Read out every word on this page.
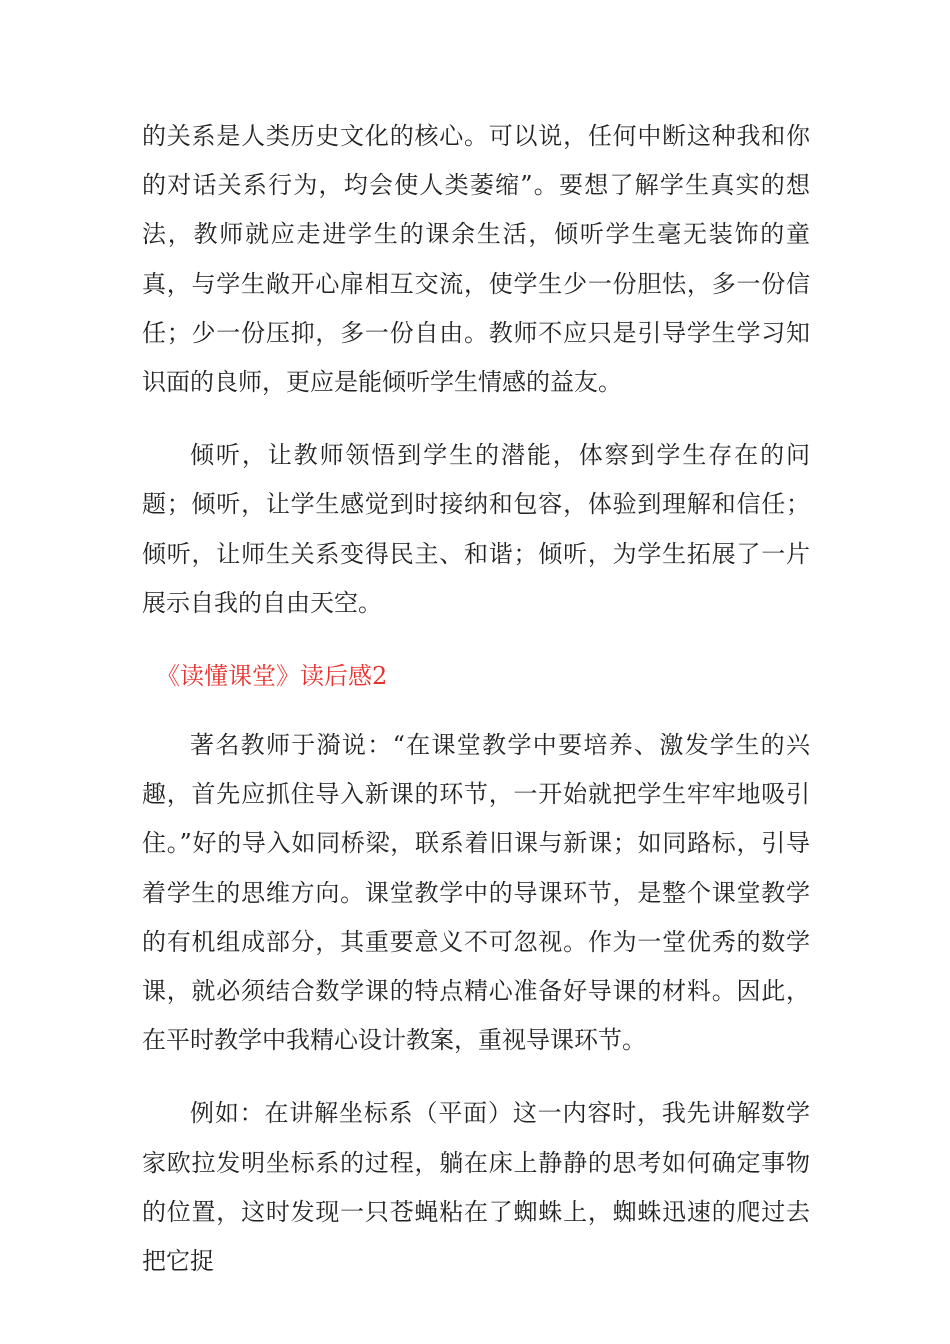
的关系是人类历史文化的核心。可以说，任何中断这种我和你的对话关系行为，均会使人类萎缩”。要想了解学生真实的想法，教师就应走进学生的课余生活，倾听学生毫无装饰的童真，与学生敞开心扉相互交流，使学生少一份胆怯，多一份信任；少一份压抑，多一份自由。教师不应只是引导学生学习知识面的良师，更应是能倾听学生情感的益友。

倾听，让教师领悟到学生的潜能，体察到学生存在的问题；倾听，让学生感觉到时接纳和包容，体验到理解和信任；倾听，让师生关系变得民主、和谐；倾听，为学生拓展了一片展示自我的自由天空。

《读懂课堂》读后感2

著名教师于漪说：“在课堂教学中要培养、激发学生的兴趣，首先应抓住导入新课的环节，一开始就把学生牢牢地吸引住。”好的导入如同桥梁，联系着旧课与新课；如同路标，引导着学生的思维方向。课堂教学中的导课环节，是整个课堂教学的有机组成部分，其重要意义不可忽视。作为一堂优秀的数学课，就必须结合数学课的特点精心准备好导课的材料。因此，在平时教学中我精心设计教案，重视导课环节。

例如：在讲解坐标系（平面）这一内容时，我先讲解数学家欧拉发明坐标系的过程，躺在床上静静的思考如何确定事物的位置，这时发现一只苍蝇粘在了蜘蛛上，蜘蛛迅速的爬过去把它捉
